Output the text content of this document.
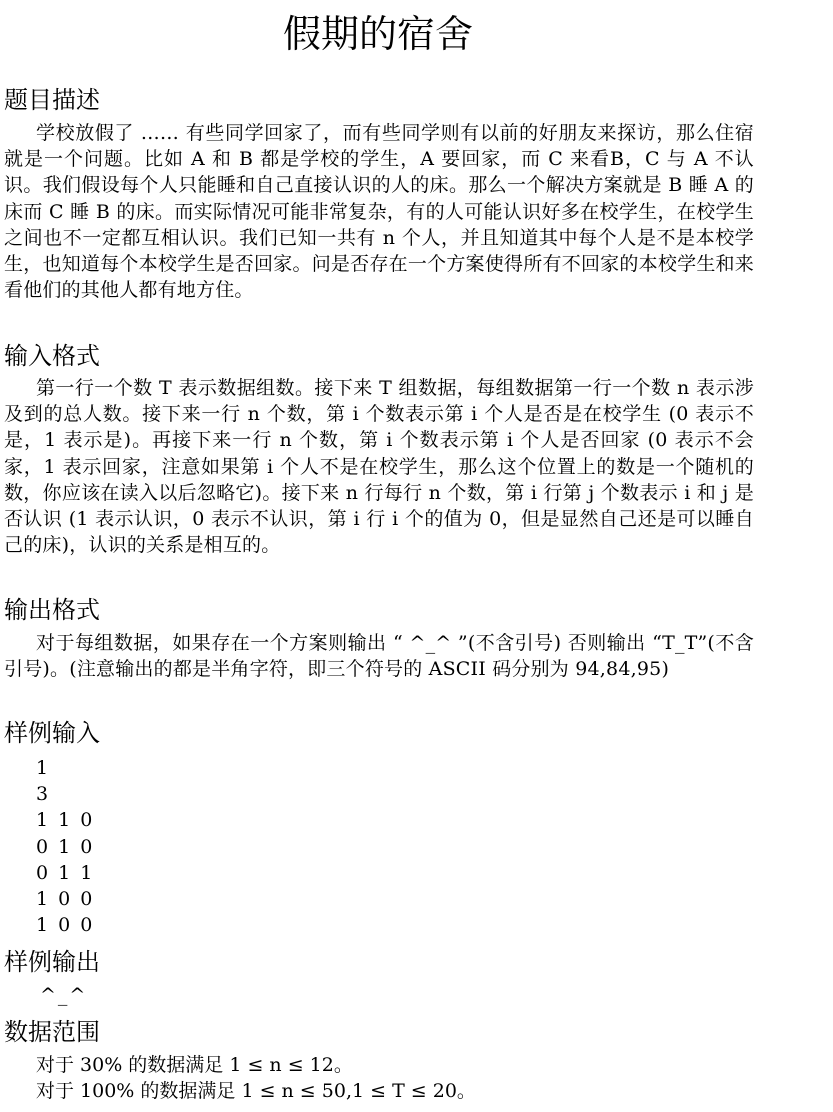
假期的宿舍
题目描述

学校放假了 …… 有些同学回家了，而有些同学则有以前的好朋友来探访，那么住宿就是一个问题。比如 A 和 B 都是学校的学生，A 要回家，而 C 来看B，C 与 A 不认识。我们假设每个人只能睡和自己直接认识的人的床。那么一个解决方案就是 B 睡 A 的床而 C 睡 B 的床。而实际情况可能非常复杂，有的人可能认识好多在校学生，在校学生之间也不一定都互相认识。我们已知一共有 n 个人，并且知道其中每个人是不是本校学生，也知道每个本校学生是否回家。问是否存在一个方案使得所有不回家的本校学生和来看他们的其他人都有地方住。

输入格式

第一行一个数 T 表示数据组数。接下来 T 组数据，每组数据第一行一个数 n 表示涉及到的总人数。接下来一行 n 个数，第 i 个数表示第 i 个人是否是在校学生 (0 表示不是，1 表示是)。再接下来一行 n 个数，第 i 个数表示第 i 个人是否回家 (0 表示不会家，1 表示回家，注意如果第 i 个人不是在校学生，那么这个位置上的数是一个随机的数，你应该在读入以后忽略它)。接下来 n 行每行 n 个数，第 i 行第 j 个数表示 i 和 j 是否认识 (1 表示认识，0 表示不认识，第 i 行 i 个的值为 0，但是显然自己还是可以睡自己的床)，认识的关系是相互的。

输出格式

对于每组数据，如果存在一个方案则输出 “ ^_^ ”(不含引号) 否则输出 “T_T”(不含引号)。(注意输出的都是半角字符，即三个符号的 ASCII 码分别为 94,84,95)

样例输入
1
3
1 1 0
0 1 0
0 1 1
1 0 0
1 0 0
样例输出
^_^
数据范围
对于 30% 的数据满足 1 ≤ n ≤ 12。
对于 100% 的数据满足 1 ≤ n ≤ 50,1 ≤ T ≤ 20。
